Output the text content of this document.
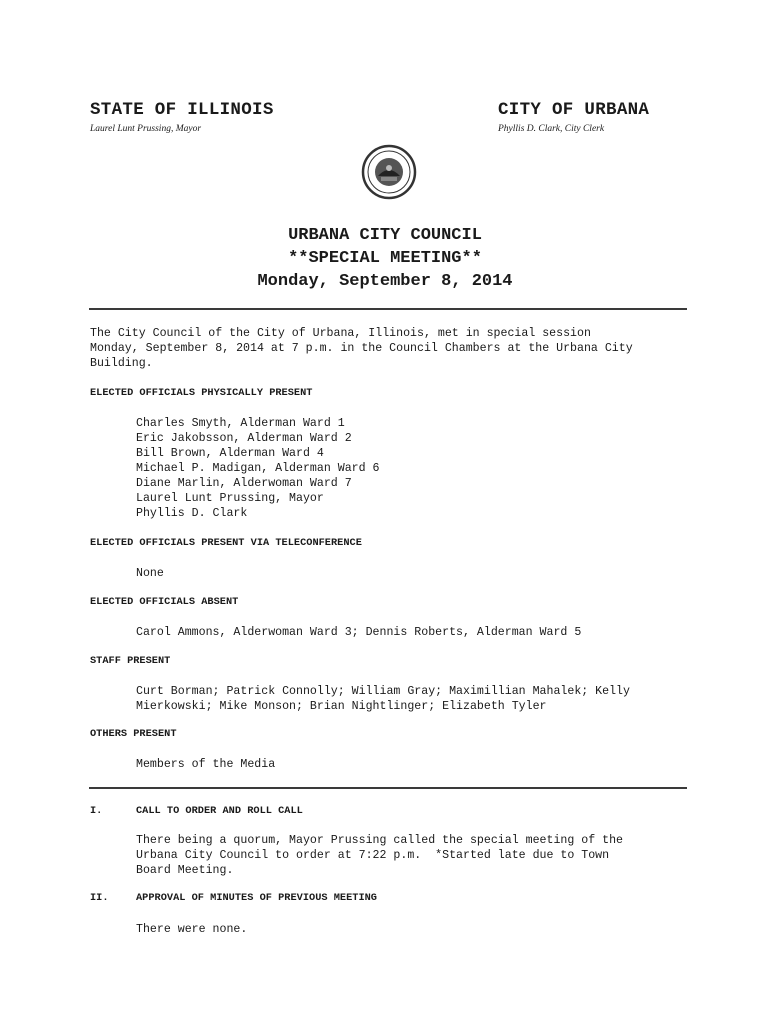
STATE OF ILLINOIS
Laurel Lunt Prussing, Mayor
CITY OF URBANA
Phyllis D. Clark, City Clerk
URBANA CITY COUNCIL
**SPECIAL MEETING**
Monday, September 8, 2014
The City Council of the City of Urbana, Illinois, met in special session
Monday, September 8, 2014 at 7 p.m. in the Council Chambers at the Urbana City
Building.
ELECTED OFFICIALS PHYSICALLY PRESENT
Charles Smyth, Alderman Ward 1
Eric Jakobsson, Alderman Ward 2
Bill Brown, Alderman Ward 4
Michael P. Madigan, Alderman Ward 6
Diane Marlin, Alderwoman Ward 7
Laurel Lunt Prussing, Mayor
Phyllis D. Clark
ELECTED OFFICIALS PRESENT VIA TELECONFERENCE
None
ELECTED OFFICIALS ABSENT
Carol Ammons, Alderwoman Ward 3; Dennis Roberts, Alderman Ward 5
STAFF PRESENT
Curt Borman; Patrick Connolly; William Gray; Maximillian Mahalek; Kelly
Mierkowski; Mike Monson; Brian Nightlinger; Elizabeth Tyler
OTHERS PRESENT
Members of the Media
I.	CALL TO ORDER AND ROLL CALL
There being a quorum, Mayor Prussing called the special meeting of the
Urbana City Council to order at 7:22 p.m.  *Started late due to Town
Board Meeting.
II.	APPROVAL OF MINUTES OF PREVIOUS MEETING
There were none.
